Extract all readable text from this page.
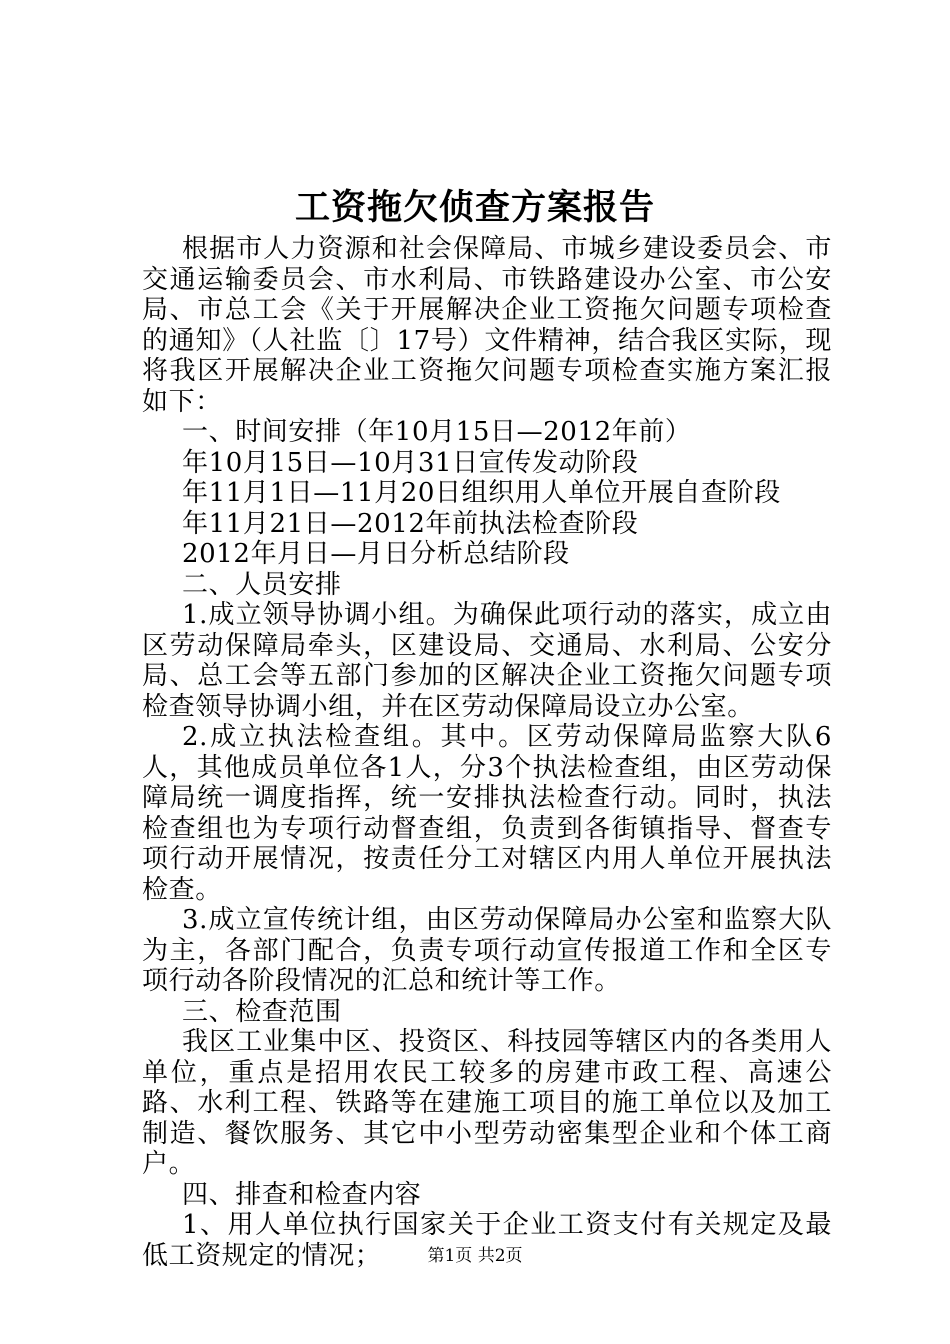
工资拖欠侦查方案报告

根据市人力资源和社会保障局、市城乡建设委员会、市交通运输委员会、市水利局、市铁路建设办公室、市公安局、市总工会《关于开展解决企业工资拖欠问题专项检查的通知》（人社监〔〕17号）文件精神，结合我区实际，现将我区开展解决企业工资拖欠问题专项检查实施方案汇报如下：

一、时间安排（年10月15日—2012年前）

年10月15日—10月31日宣传发动阶段

年11月1日—11月20日组织用人单位开展自查阶段

年11月21日—2012年前执法检查阶段

2012年月日—月日分析总结阶段

二、人员安排

1.成立领导协调小组。为确保此项行动的落实，成立由区劳动保障局牵头，区建设局、交通局、水利局、公安分局、总工会等五部门参加的区解决企业工资拖欠问题专项检查领导协调小组，并在区劳动保障局设立办公室。

2.成立执法检查组。其中。区劳动保障局监察大队6人，其他成员单位各1人，分3个执法检查组，由区劳动保障局统一调度指挥，统一安排执法检查行动。同时，执法检查组也为专项行动督查组，负责到各街镇指导、督查专项行动开展情况，按责任分工对辖区内用人单位开展执法检查。

3.成立宣传统计组，由区劳动保障局办公室和监察大队为主，各部门配合，负责专项行动宣传报道工作和全区专项行动各阶段情况的汇总和统计等工作。

三、检查范围

我区工业集中区、投资区、科技园等辖区内的各类用人单位，重点是招用农民工较多的房建市政工程、高速公路、水利工程、铁路等在建施工项目的施工单位以及加工制造、餐饮服务、其它中小型劳动密集型企业和个体工商户。

四、排查和检查内容

1、用人单位执行国家关于企业工资支付有关规定及最低工资规定的情况；	第1页 共2页
